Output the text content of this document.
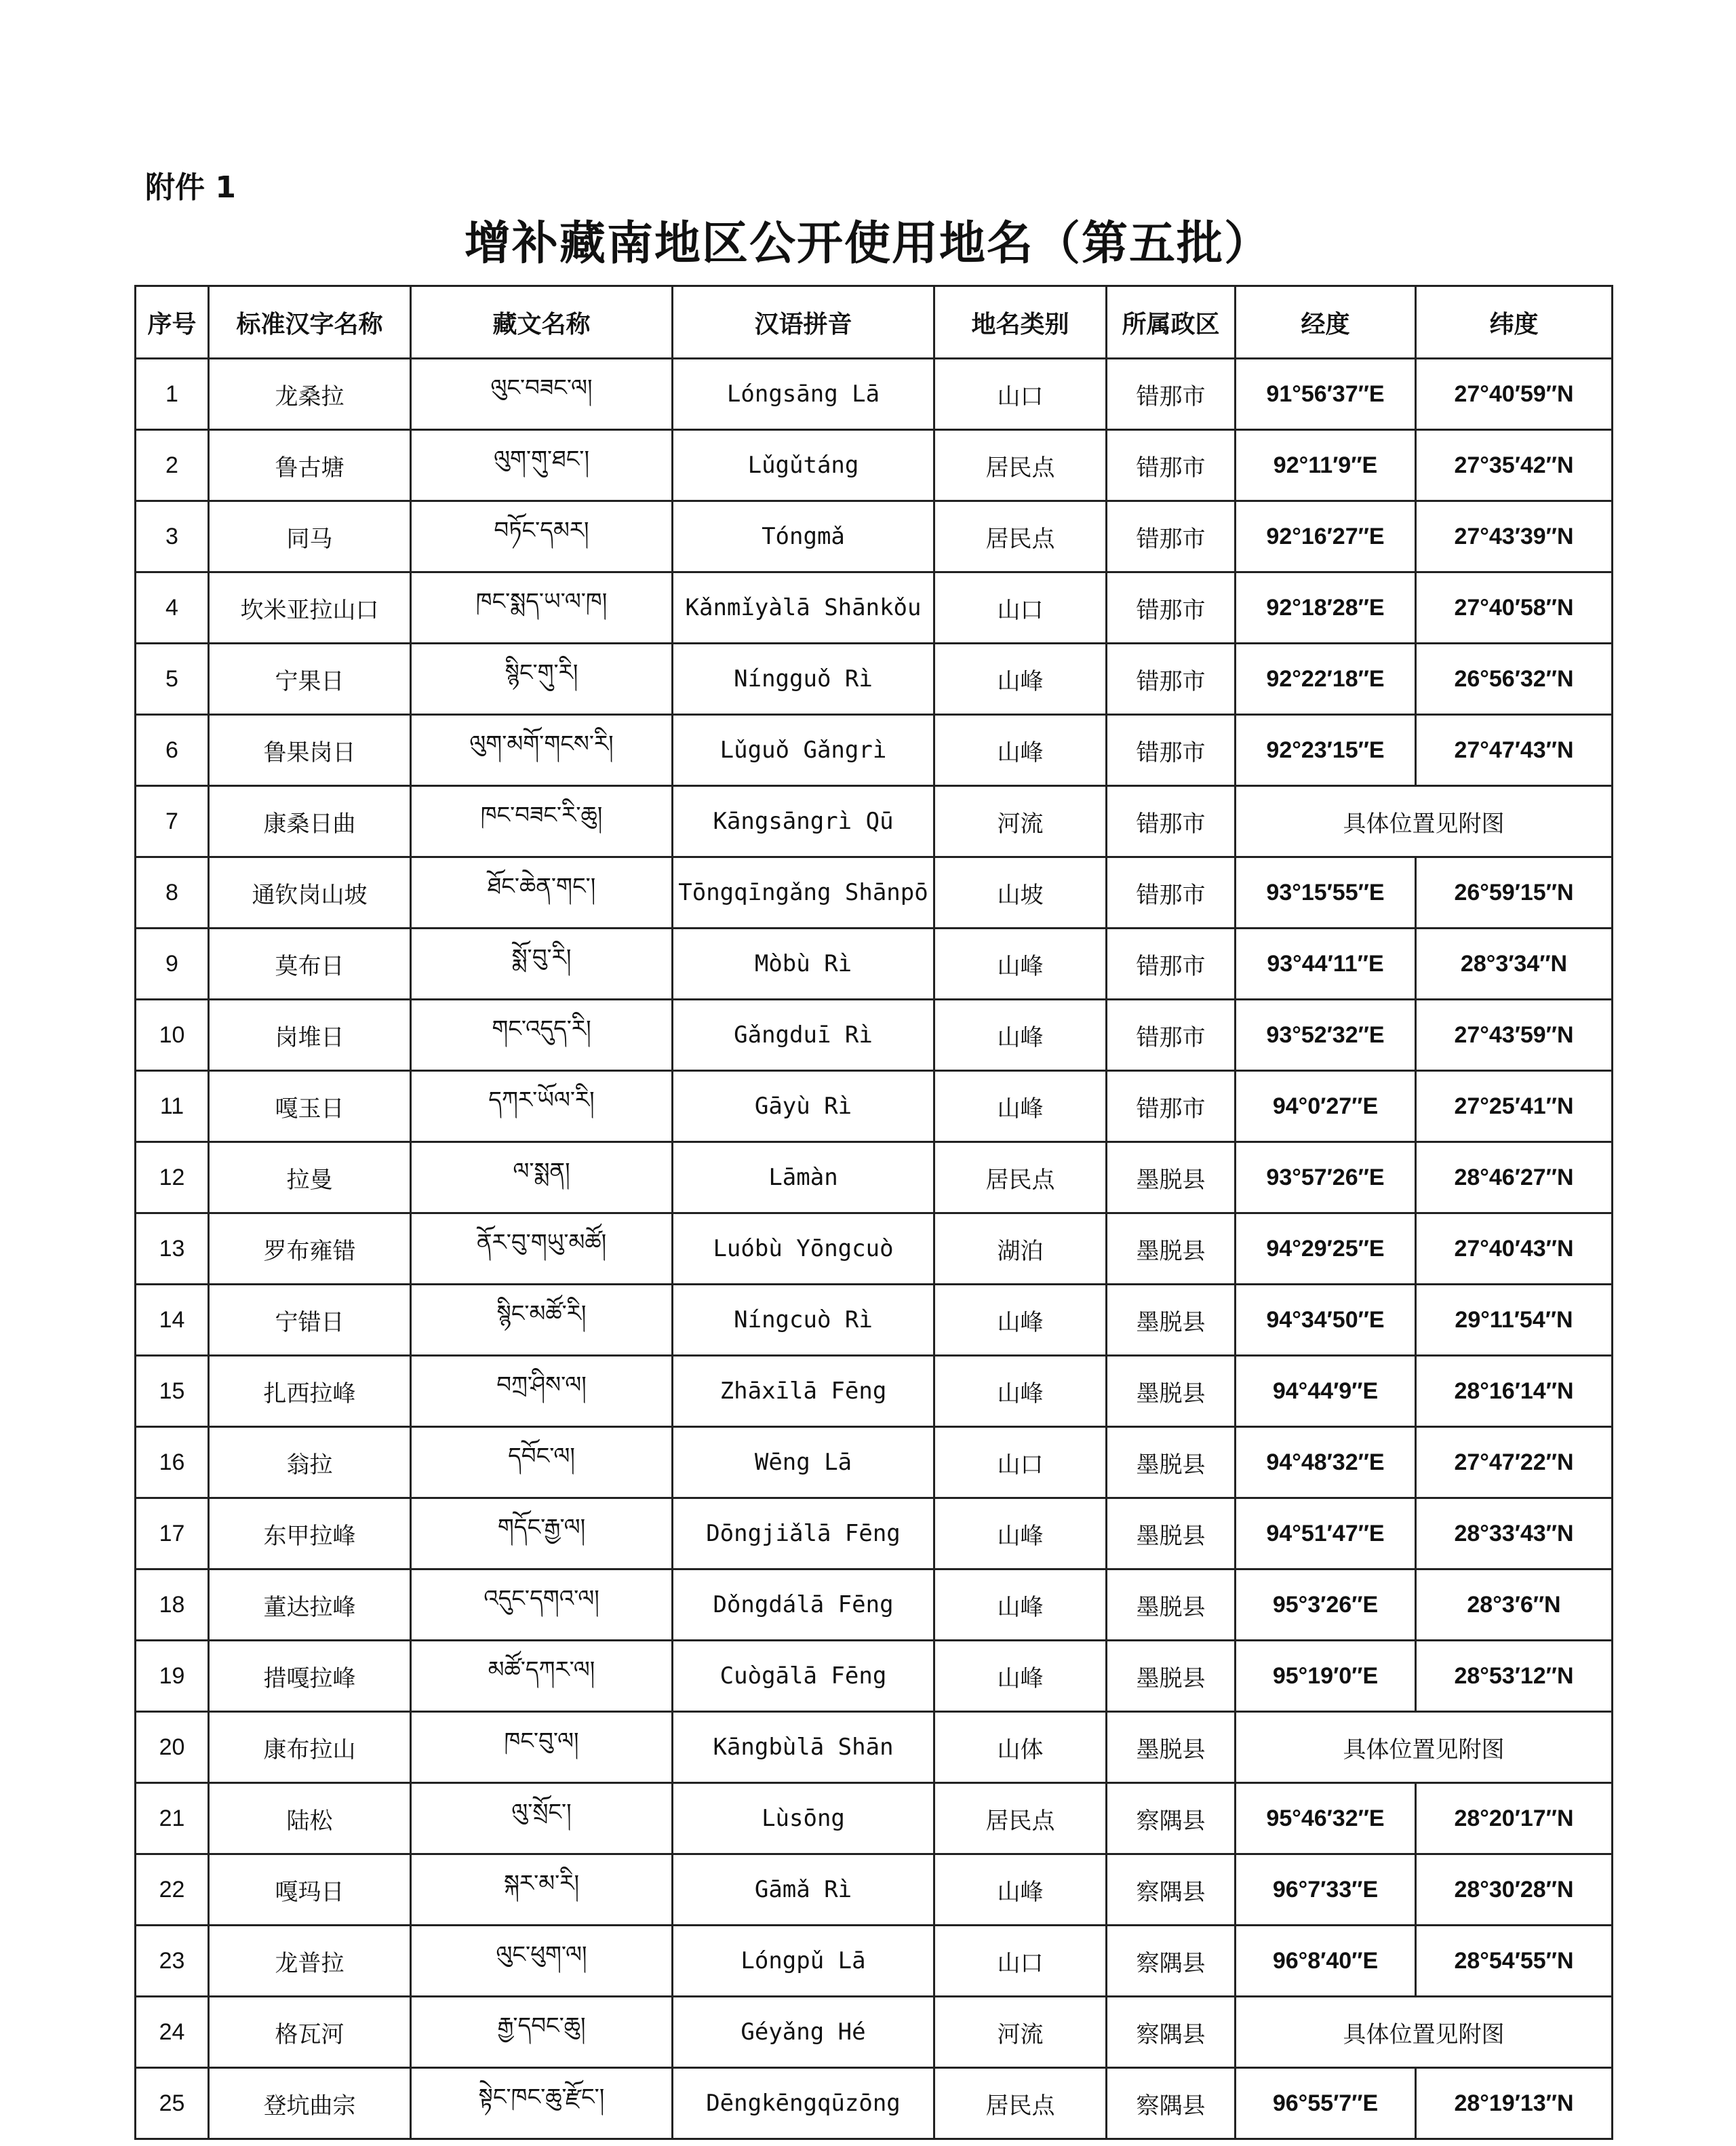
附件 1
增补藏南地区公开使用地名（第五批）
序号	标准汉字名称	藏文名称	汉语拼音	地名类别	所属政区	经度	纬度
1	龙桑拉	ལུང་བཟང་ལ།	Lóngsāng Lā	山口	错那市	91°56′37″E	27°40′59″N
2	鲁古塘	ལུག་གུ་ཐང་།	Lǔgǔtáng	居民点	错那市	92°11′9″E	27°35′42″N
3	同马	བཏོང་དམར།	Tóngmǎ	居民点	错那市	92°16′27″E	27°43′39″N
4	坎米亚拉山口	ཁང་སྨད་ཡ་ལ་ཁ།	Kǎnmǐyàlā Shānkǒu	山口	错那市	92°18′28″E	27°40′58″N
5	宁果日	སྙིང་གུ་རི།	Níngguǒ Rì	山峰	错那市	92°22′18″E	26°56′32″N
6	鲁果岗日	ལུག་མགོ་གངས་རི།	Lǔguǒ Gǎngrì	山峰	错那市	92°23′15″E	27°47′43″N
7	康桑日曲	ཁང་བཟང་རི་ཆུ།	Kāngsāngrì Qū	河流	错那市	具体位置见附图	
8	通钦岗山坡	ཐོང་ཆེན་གང་།	Tōngqīngǎng Shānpō	山坡	错那市	93°15′55″E	26°59′15″N
9	莫布日	སྨོ་བུ་རི།	Mòbù Rì	山峰	错那市	93°44′11″E	28°3′34″N
10	岗堆日	གང་འདུད་རི།	Gǎngduī Rì	山峰	错那市	93°52′32″E	27°43′59″N
11	嘎玉日	དཀར་ཡོལ་རི།	Gāyù Rì	山峰	错那市	94°0′27″E	27°25′41″N
12	拉曼	ལ་སྨན།	Lāmàn	居民点	墨脱县	93°57′26″E	28°46′27″N
13	罗布雍错	ནོར་བུ་གཡུ་མཚོ།	Luóbù Yōngcuò	湖泊	墨脱县	94°29′25″E	27°40′43″N
14	宁错日	སྙིང་མཚོ་རི།	Níngcuò Rì	山峰	墨脱县	94°34′50″E	29°11′54″N
15	扎西拉峰	བཀྲ་ཤིས་ལ།	Zhāxīlā Fēng	山峰	墨脱县	94°44′9″E	28°16′14″N
16	翁拉	དབོང་ལ།	Wēng Lā	山口	墨脱县	94°48′32″E	27°47′22″N
17	东甲拉峰	གདོང་རྒྱ་ལ།	Dōngjiǎlā Fēng	山峰	墨脱县	94°51′47″E	28°33′43″N
18	董达拉峰	འདུང་དགའ་ལ།	Dǒngdálā Fēng	山峰	墨脱县	95°3′26″E	28°3′6″N
19	措嘎拉峰	མཚོ་དཀར་ལ།	Cuògālā Fēng	山峰	墨脱县	95°19′0″E	28°53′12″N
20	康布拉山	ཁང་བུ་ལ།	Kāngbùlā Shān	山体	墨脱县	具体位置见附图	
21	陆松	ལུ་སྲོང་།	Lùsōng	居民点	察隅县	95°46′32″E	28°20′17″N
22	嘎玛日	སྐར་མ་རི།	Gāmǎ Rì	山峰	察隅县	96°7′33″E	28°30′28″N
23	龙普拉	ལུང་ཕུག་ལ།	Lóngpǔ Lā	山口	察隅县	96°8′40″E	28°54′55″N
24	格瓦河	རྒྱ་དབང་ཆུ།	Géyǎng Hé	河流	察隅县	具体位置见附图	
25	登坑曲宗	སྟེང་ཁང་ཆུ་རྫོང་།	Dēngkēngqūzōng	居民点	察隅县	96°55′7″E	28°19′13″N
